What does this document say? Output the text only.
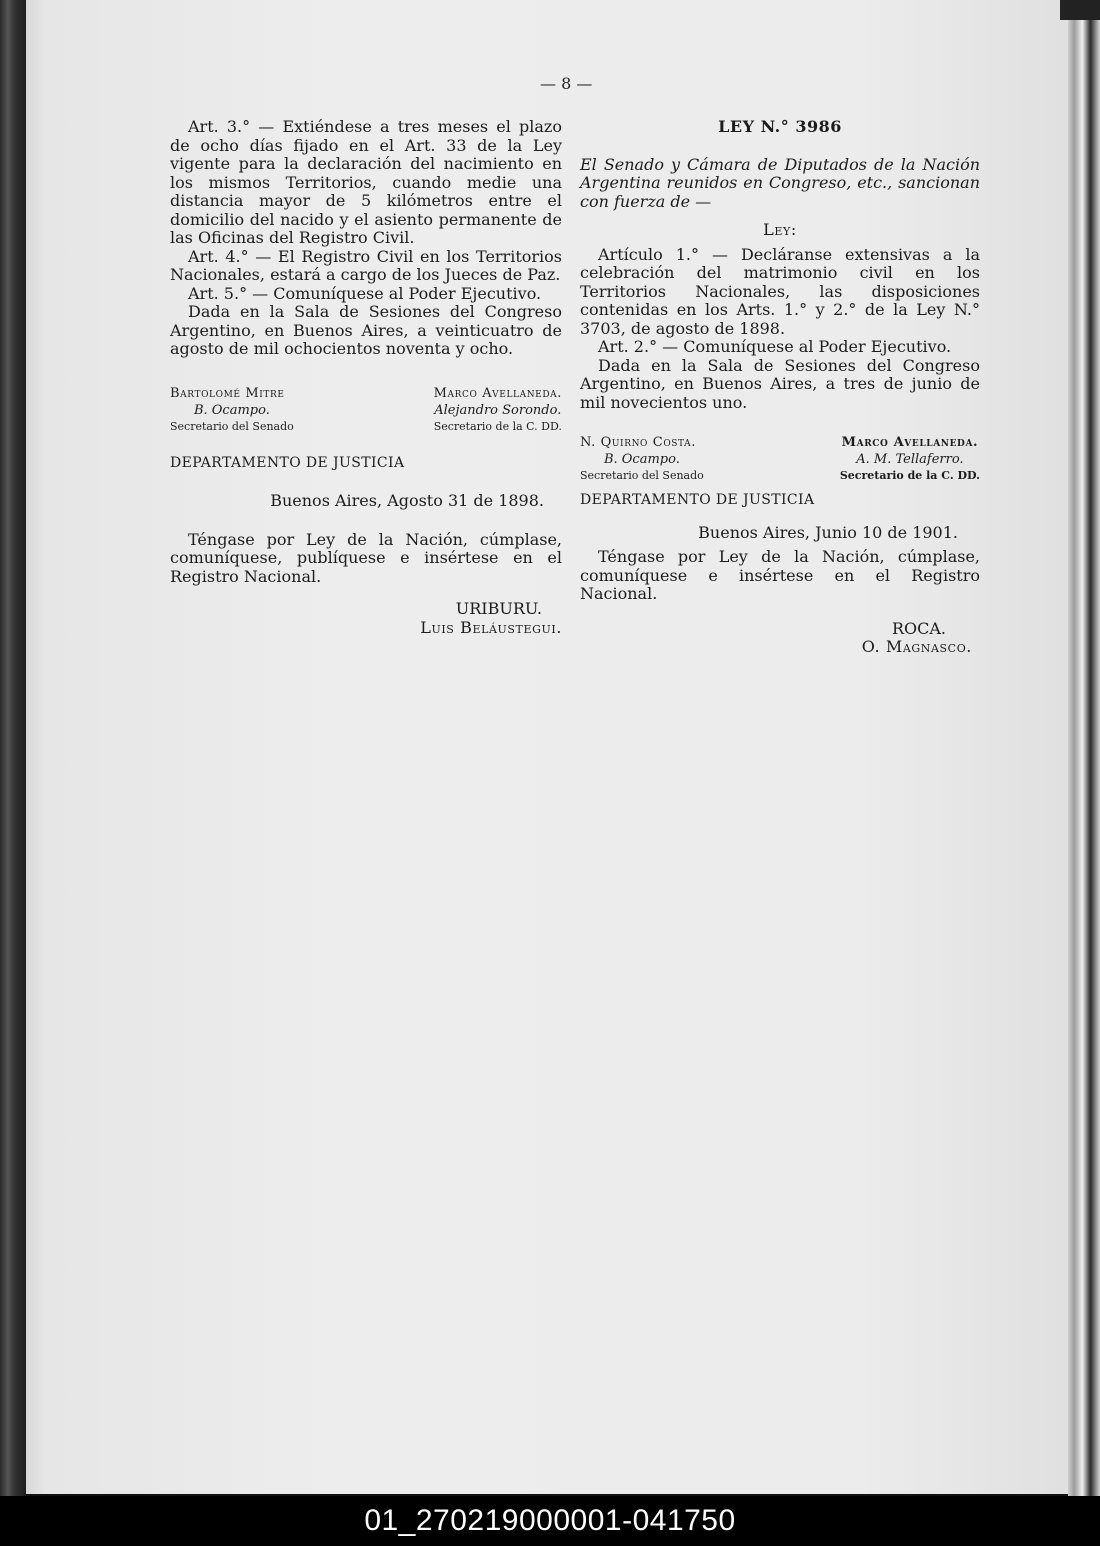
— 8 —

Art. 3.° — Extiéndese a tres meses el plazo de ocho días fijado en el Art. 33 de la Ley vigente para la declaración del nacimiento en los mismos Territorios, cuando medie una distancia mayor de 5 kilómetros entre el domicilio del nacido y el asiento permanente de las Oficinas del Registro Civil.

Art. 4.° — El Registro Civil en los Territorios Nacionales, estará a cargo de los Jueces de Paz.

Art. 5.° — Comuníquese al Poder Ejecutivo.

Dada en la Sala de Sesiones del Congreso Argentino, en Buenos Aires, a veinticuatro de agosto de mil ochocientos noventa y ocho.

Bartolomé Mitre
B. Ocampo.
Secretario del Senado
Marco Avellaneda.
Alejandro Sorondo.
Secretario de la C. DD.
DEPARTAMENTO DE JUSTICIA
Buenos Aires, Agosto 31 de 1898.

Téngase por Ley de la Nación, cúmplase, comuníquese, publíquese e insértese en el Registro Nacional.

URIBURU.
Luis Beláustegui.
LEY N.° 3986

El Senado y Cámara de Diputados de la Nación Argentina reunidos en Congreso, etc., sancionan con fuerza de —

Ley:

Artículo 1.° — Decláranse extensivas a la celebración del matrimonio civil en los Territorios Nacionales, las disposiciones contenidas en los Arts. 1.° y 2.° de la Ley N.° 3703, de agosto de 1898.

Art. 2.° — Comuníquese al Poder Ejecutivo.

Dada en la Sala de Sesiones del Congreso Argentino, en Buenos Aires, a tres de junio de mil novecientos uno.

N. Quirno Costa.
B. Ocampo.
Secretario del Senado
Marco Avellaneda.
A. M. Tellaferro.
Secretario de la C. DD.
DEPARTAMENTO DE JUSTICIA
Buenos Aires, Junio 10 de 1901.

Téngase por Ley de la Nación, cúmplase, comuníquese e insértese en el Registro Nacional.

ROCA.
O. Magnasco.
01_270219000001-041750
